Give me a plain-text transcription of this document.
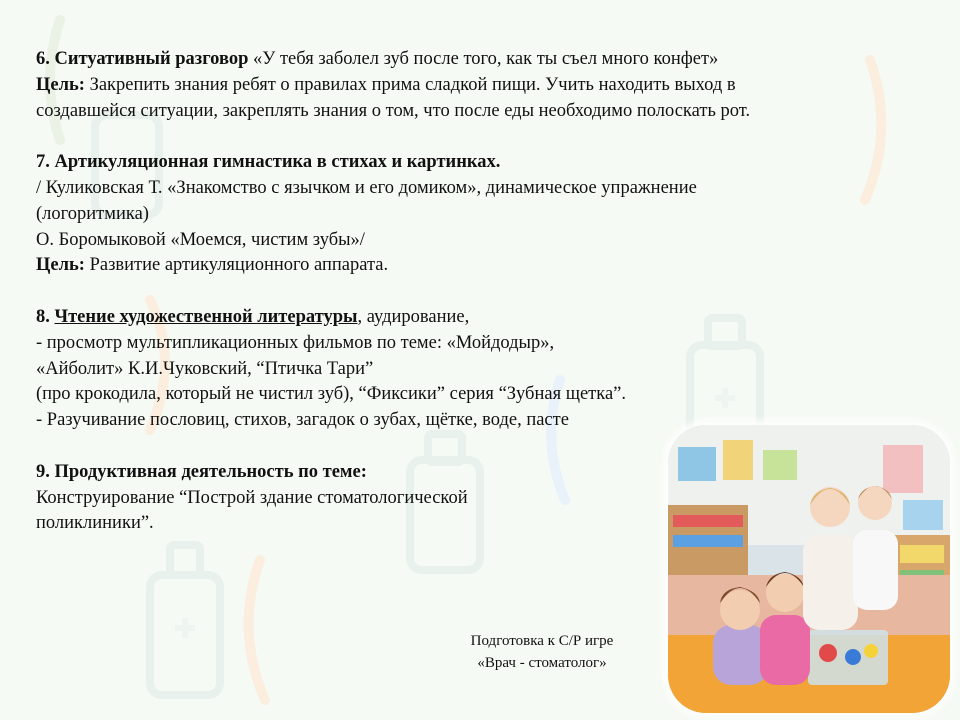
6. Ситуативный разговор «У тебя заболел зуб после того, как ты съел много конфет»

Цель: Закрепить знания ребят о правилах прима сладкой пищи. Учить находить выход в

создавшейся ситуации, закреплять знания о том, что после еды необходимо полоскать рот.

7. Артикуляционная гимнастика в стихах и картинках.

/ Куликовская Т. «Знакомство с язычком и его домиком», динамическое упражнение

(логоритмика)

О. Боромыковой «Моемся, чистим зубы»/

Цель: Развитие артикуляционного аппарата.

8. Чтение художественной литературы, аудирование,

- просмотр мультипликационных фильмов по теме: «Мойдодыр»,

«Айболит» К.И.Чуковский, “Птичка Тари”

(про крокодила, который не чистил зуб), “Фиксики” серия “Зубная щетка”.

- Разучивание пословиц, стихов, загадок о зубах, щётке, воде, пасте

9. Продуктивная деятельность по теме:

Конструирование “Построй здание стоматологической

поликлиники”.

Подготовка к С/Р игре
«Врач - стоматолог»
